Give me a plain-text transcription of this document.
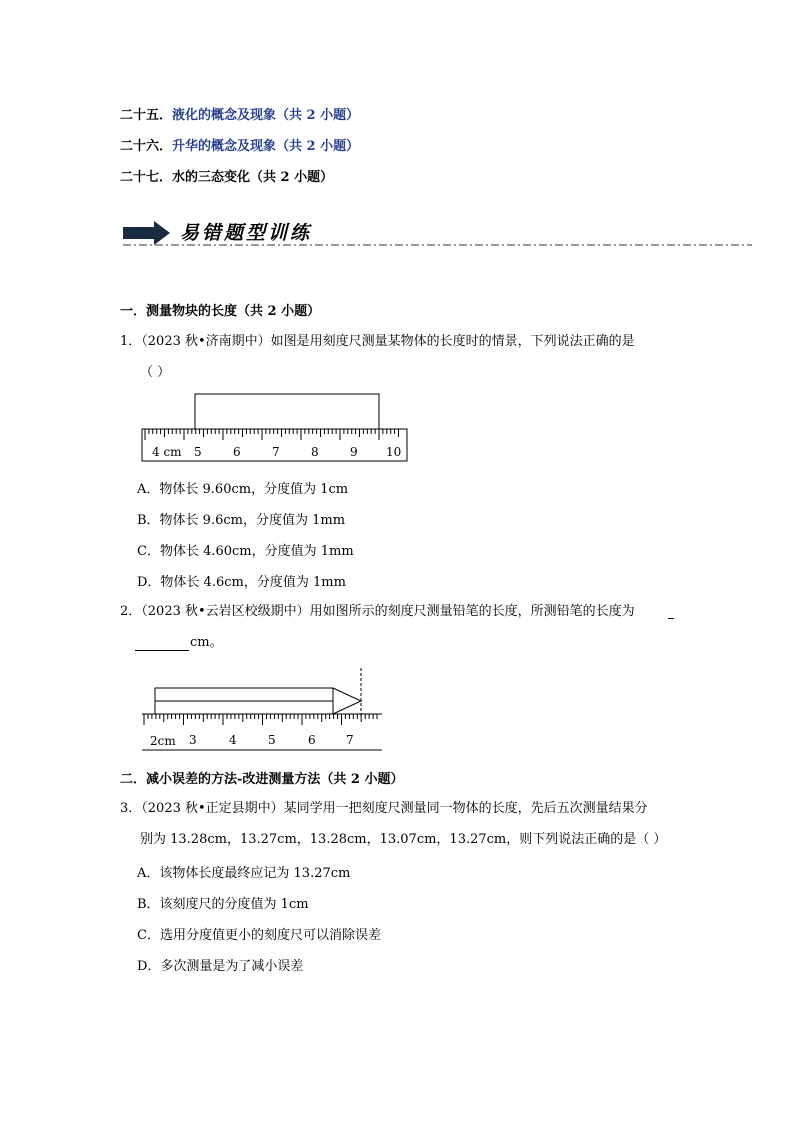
二十五．液化的概念及现象（共 2 小题）
二十六．升华的概念及现象（共 2 小题）
二十七．水的三态变化（共 2 小题）
易错题型训练
一．测量物块的长度（共 2 小题）
1．（2023 秋•济南期中）如图是用刻度尺测量某物体的长度时的情景，下列说法正确的是
（ ）
4 cm 5	6	7	8	9 10
A．物体长 9.60cm，分度值为 1cm
B．物体长 9.6cm，分度值为 1mm
C．物体长 4.60cm，分度值为 1mm
D．物体长 4.6cm，分度值为 1mm
2．（2023 秋•云岩区校级期中）用如图所示的刻度尺测量铅笔的长度，所测铅笔的长度为
cm。
2cm 3	4	5	6	7
二．减小误差的方法-改进测量方法（共 2 小题）
3．（2023 秋•正定县期中）某同学用一把刻度尺测量同一物体的长度，先后五次测量结果分
别为 13.28cm，13.27cm，13.28cm，13.07cm，13.27cm，则下列说法正确的是（ ）
A．该物体长度最终应记为 13.27cm
B．该刻度尺的分度值为 1cm
C．选用分度值更小的刻度尺可以消除误差
D．多次测量是为了减小误差
